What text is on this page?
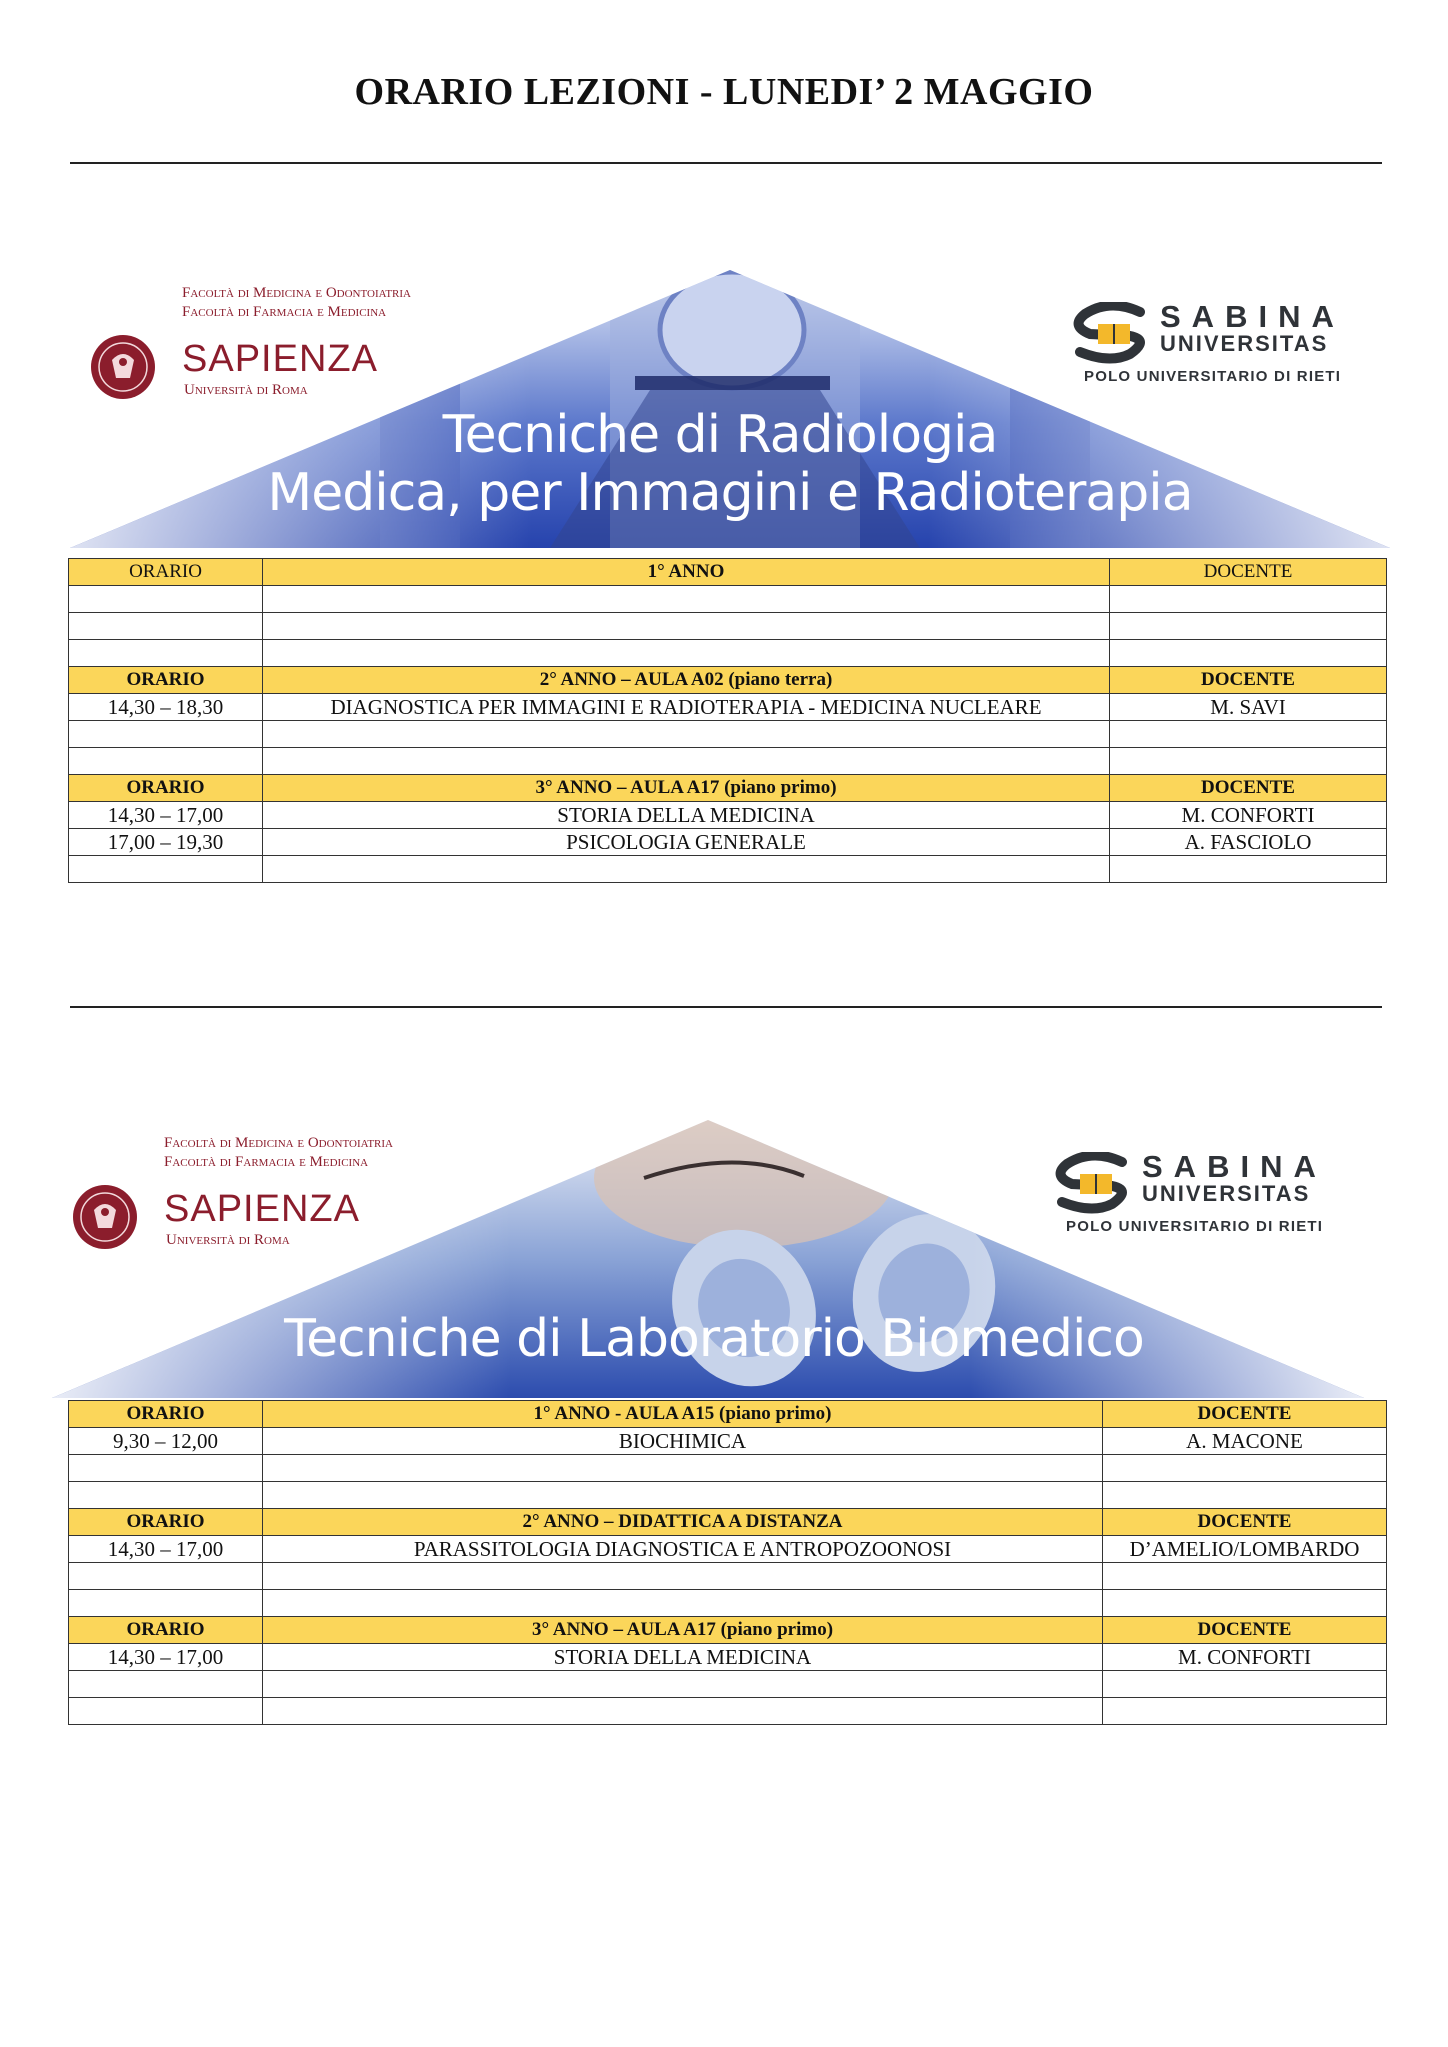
ORARIO LEZIONI - LUNEDI’ 2 MAGGIO
Facoltà di Medicina e Odontoiatria
Facoltà di Farmacia e Medicina
SAPIENZA
Università di Roma
SABINA
UNIVERSITAS
POLO UNIVERSITARIO DI RIETI
Tecniche di Radiologia
Medica, per Immagini e Radioterapia
ORARIO	1° ANNO	DOCENTE

ORARIO	2° ANNO – AULA A02 (piano terra)	DOCENTE
14,30 – 18,30	DIAGNOSTICA PER IMMAGINI E RADIOTERAPIA - MEDICINA NUCLEARE	M. SAVI

ORARIO	3° ANNO – AULA A17 (piano primo)	DOCENTE
14,30 – 17,00	STORIA DELLA MEDICINA	M. CONFORTI
17,00 – 19,30	PSICOLOGIA GENERALE	A. FASCIOLO

Facoltà di Medicina e Odontoiatria
Facoltà di Farmacia e Medicina
SAPIENZA
Università di Roma
SABINA
UNIVERSITAS
POLO UNIVERSITARIO DI RIETI
Tecniche di Laboratorio Biomedico
ORARIO	1° ANNO - AULA A15 (piano primo)	DOCENTE
9,30 – 12,00	BIOCHIMICA	A. MACONE

ORARIO	2° ANNO – DIDATTICA A DISTANZA	DOCENTE
14,30 – 17,00	PARASSITOLOGIA DIAGNOSTICA E ANTROPOZOONOSI	D’AMELIO/LOMBARDO

ORARIO	3° ANNO – AULA A17 (piano primo)	DOCENTE
14,30 – 17,00	STORIA DELLA MEDICINA	M. CONFORTI
